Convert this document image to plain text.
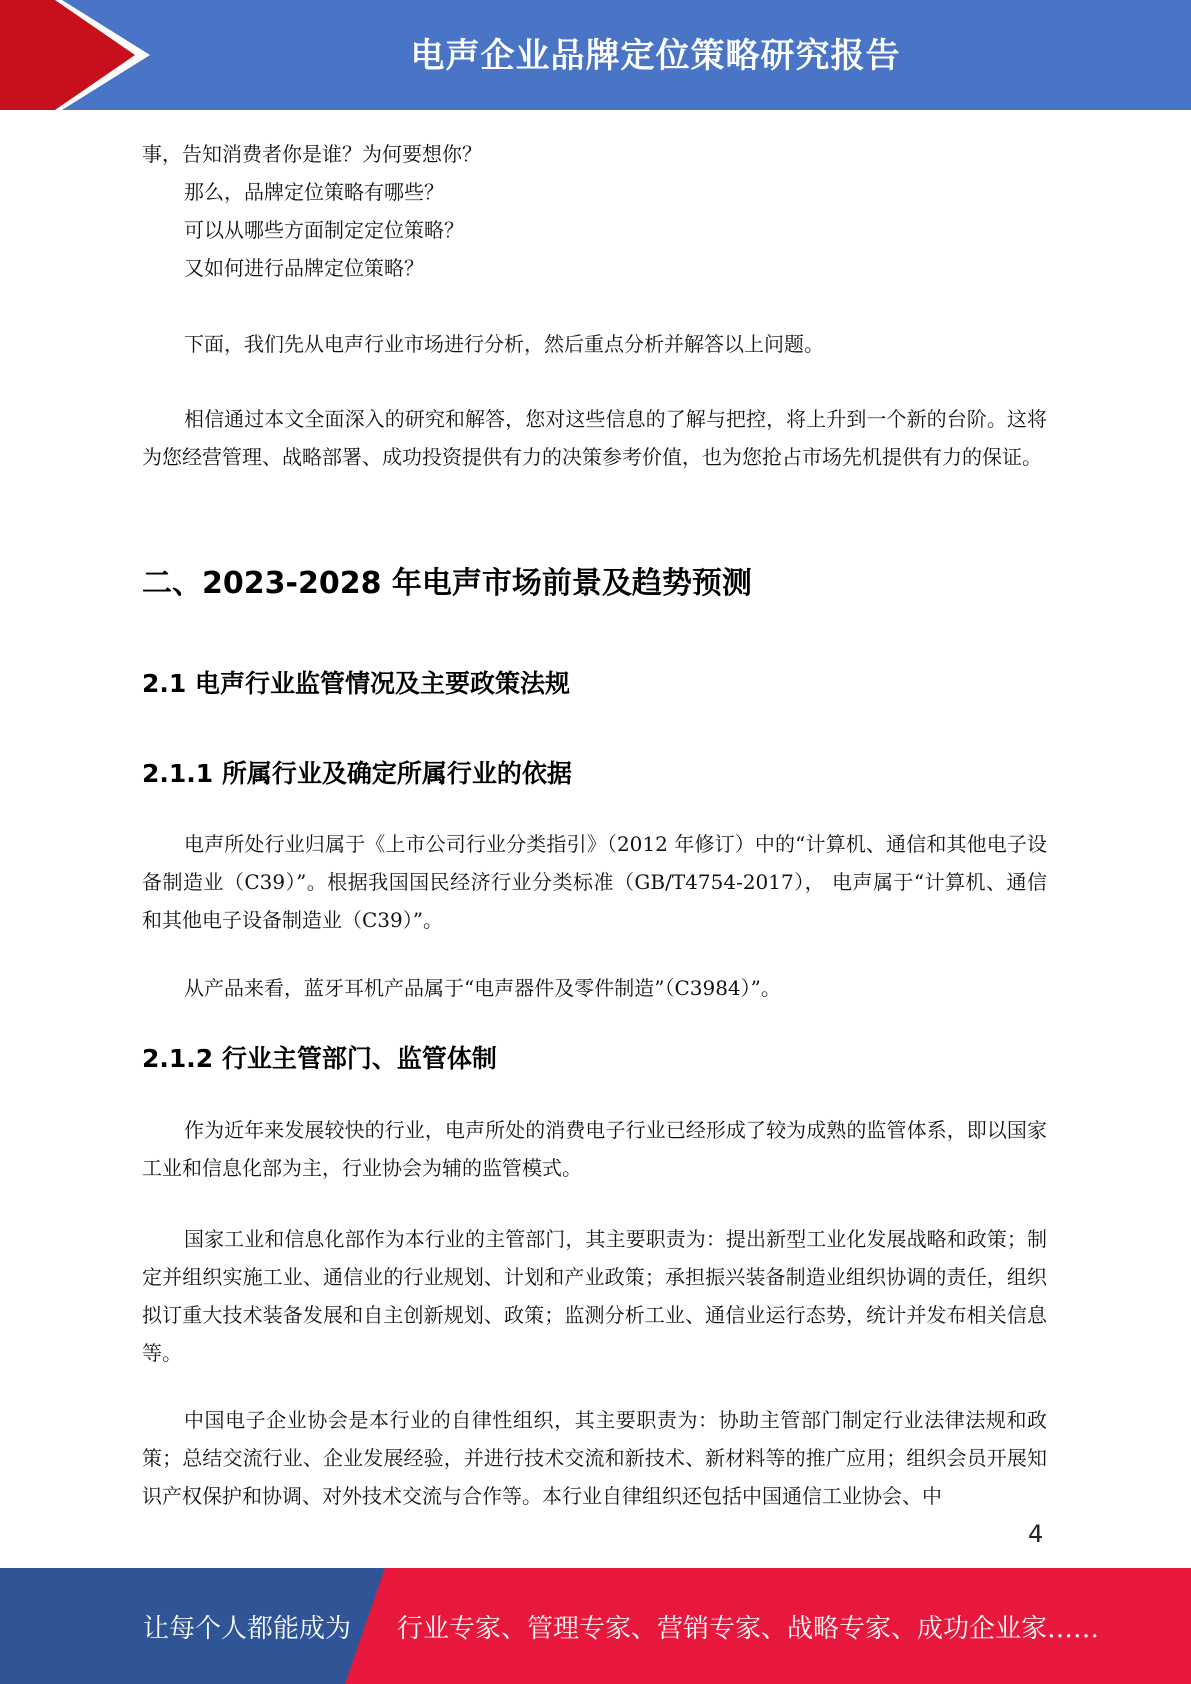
电声企业品牌定位策略研究报告

事，告知消费者你是谁？为何要想你？

那么，品牌定位策略有哪些？

可以从哪些方面制定定位策略？

又如何进行品牌定位策略？

下面，我们先从电声行业市场进行分析，然后重点分析并解答以上问题。

相信通过本文全面深入的研究和解答，您对这些信息的了解与把控，将上升到一个新的台阶。这将为您经营管理、战略部署、成功投资提供有力的决策参考价值，也为您抢占市场先机提供有力的保证。

二、2023-2028 年电声市场前景及趋势预测
2.1 电声行业监管情况及主要政策法规
2.1.1 所属行业及确定所属行业的依据

电声所处行业归属于《上市公司行业分类指引》（2012 年修订）中的“计算机、通信和其他电子设备制造业（C39）”。根据我国国民经济行业分类标准（GB/T4754-2017）， 电声属于“计算机、通信和其他电子设备制造业（C39）”。

从产品来看，蓝牙耳机产品属于“电声器件及零件制造”（C3984）”。

2.1.2 行业主管部门、监管体制

作为近年来发展较快的行业，电声所处的消费电子行业已经形成了较为成熟的监管体系，即以国家工业和信息化部为主，行业协会为辅的监管模式。

国家工业和信息化部作为本行业的主管部门，其主要职责为：提出新型工业化发展战略和政策；制定并组织实施工业、通信业的行业规划、计划和产业政策；承担振兴装备制造业组织协调的责任，组织拟订重大技术装备发展和自主创新规划、政策；监测分析工业、通信业运行态势，统计并发布相关信息等。

中国电子企业协会是本行业的自律性组织，其主要职责为：协助主管部门制定行业法律法规和政策；总结交流行业、企业发展经验，并进行技术交流和新技术、新材料等的推广应用；组织会员开展知识产权保护和协调、对外技术交流与合作等。本行业自律组织还包括中国通信工业协会、中

4
让每个人都能成为 行业专家、管理专家、营销专家、战略专家、成功企业家……
